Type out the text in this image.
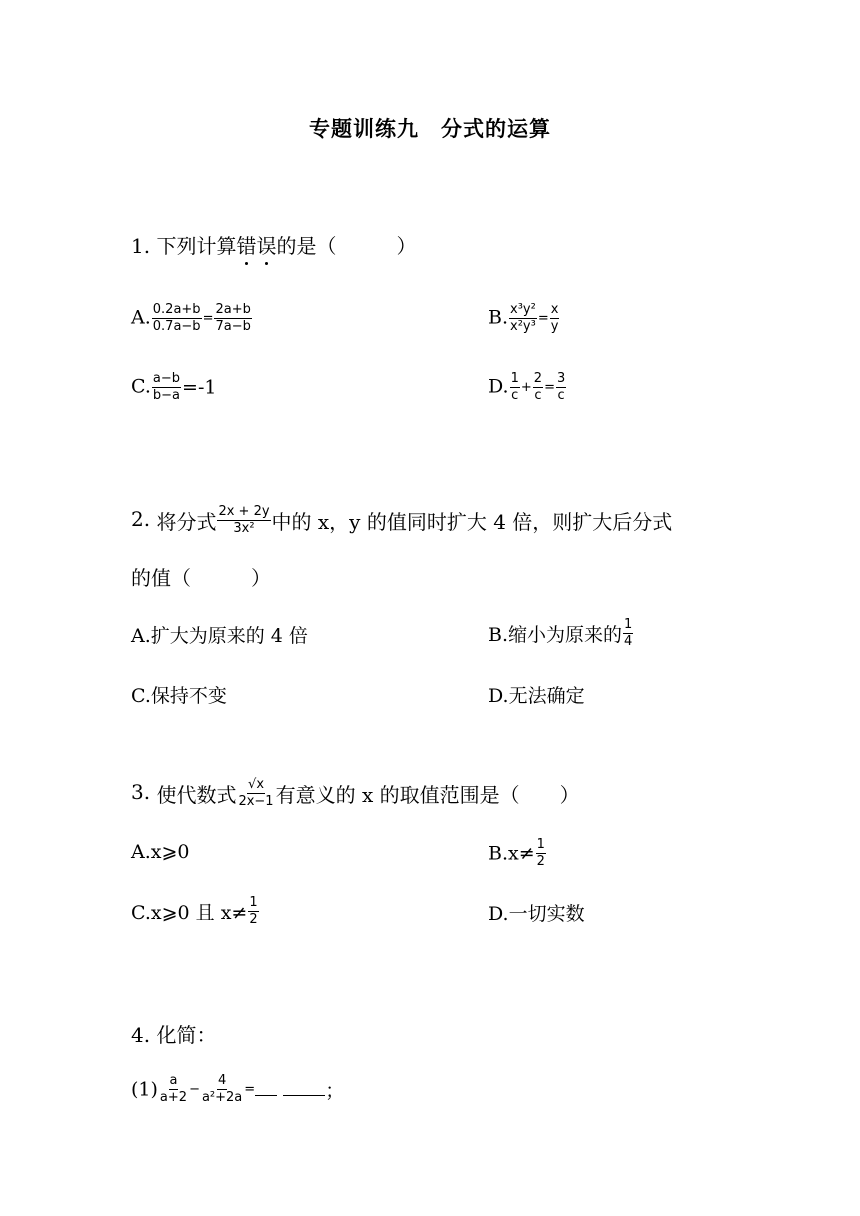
专题训练九　分式的运算
1. 下列计算错误的是（　　　）
A. $\frac{0.2a+b}{0.7a-b} = \frac{2a+b}{7a-b}$	B. $\frac{\text{x³y²}}{\text{x²y³}} = \frac{x}{y}$
C. $\frac{a-b}{b-a} =-1$	D. $\frac{1}{c} + \frac{2}{c} = \frac{3}{c}$
2. 将分式 $\frac{2x + 2y}{\text{3x²}}$ 中的 x，y 的值同时扩大 4 倍，则扩大后分式
的值（　　　）
A.扩大为原来的 4 倍	B.缩小为原来的 $\frac{1}{4}$
C.保持不变	D.无法确定
3. 使代数式 $\frac{√x}{2x-1}$ 有意义的 x 的取值范围是（　　）
A.x⩾0	$B.x\ne \frac{1}{2}$
C.x⩾0 且 $x\ne \frac{1}{2}$	D.一切实数
4. 化简：
$(1) \frac{a}{a+2} - \frac{4}{\text{a²+2a}}$ =	；
